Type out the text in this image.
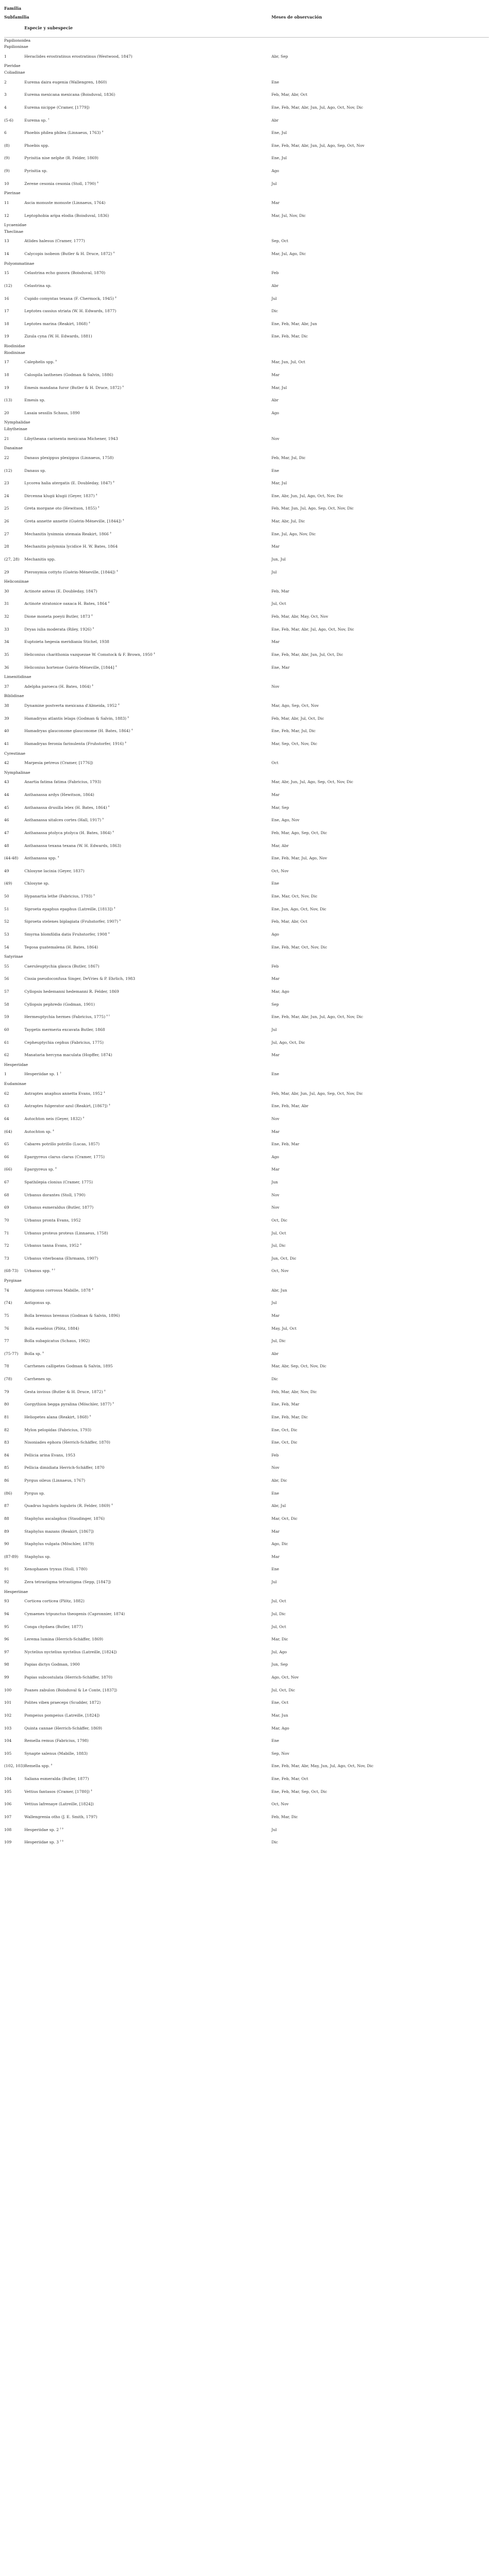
Familia		
Subfamilia		Meses de observación
	Especie y subespecie	
Papilionoidea		
Papilioninae		
1	Heraclides erostratinus erostratinus (Westwood, 1847)	Abr, Sep
Pieridae		
Coliadinae		
2	Eurema daira eugenia (Wallengren, 1860)	Ene
3	Eurema mexicana mexicana (Boisduval, 1836)	Feb, Mar, Abr, Oct
4	Eurema nicippe (Cramer, [1779])	Ene, Feb, Mar, Abr, Jun, Jul, Ago, Oct, Nov, Dic
(5-6)	Eurema sp. †	Abr
6	Phoebis philea philea (Linnaeus, 1763) ‡	Ene, Jul
(8)	Phoebis spp.	Ene, Feb, Mar, Abr, Jun, Jul, Ago, Sep, Oct, Nov
(9)	Pyrisitia nise nelphe (R. Felder, 1869)	Ene, Jul
(9)	Pyrisitia sp.	Ago
10	Zerene cesonia cesonia (Stoll, 1790) ‡	Jul
Pierinae		
11	Ascia monuste monuste (Linnaeus, 1764)	Mar
12	Leptophobia aripa elodia (Boisduval, 1836)	Mar, Jul, Nov, Dic
Lycaenidae		
Theclinae		
13	Atlides halesus (Cramer, 1777)	Sep, Oct
14	Calycopis isobeon (Butler & H. Druce, 1872) ‡	Mar, Jul, Ago, Dic
Polyommatinae		
15	Celastrina echo gozora (Boisduval, 1870)	Feb
(12)	Celastrina sp.	Abr
16	Cupido comyntas texana (F. Chermock, 1945) ‡	Jul
17	Leptotes cassius striata (W. H. Edwards, 1877)	Dic
18	Leptotes marina (Reakirt, 1868) ‡	Ene, Feb, Mar, Abr, Jun
19	Zizula cyna (W. H. Edwards, 1881)	Ene, Feb, Mar, Dic
Riodinidae		
Riodininae		
17	Calephelis spp. ‡	Mar, Jun, Jul, Oct
18	Calospila lasthenes (Godman & Salvin, 1886)	Mar
19	Emesis mandana furor (Butler & H. Druce, 1872) ‡	Mar, Jul
(13)	Emesis sp.	Abr
20	Lasaia sessilis Schaus, 1890	Ago
Nymphalidae		
Libytheinae		
21	Libytheana carinenta mexicana Michener, 1943	Nov
Danainae		
22	Danaus plexippus plexippus (Linnaeus, 1758)	Feb, Mar, Jul, Dic
(12)	Danaus sp.	Ene
23	Lycorea halia atergatis (E. Doubleday, 1847) ‡	Mar, Jul
24	Dircenna klugii klugii (Geyer, 1837) ‡	Ene, Abr, Jun, Jul, Ago, Oct, Nov, Dic
25	Greta morgane oto (Hewitson, 1855) ‡	Feb, Mar, Jun, Jul, Ago, Sep, Oct, Nov, Dic
26	Greta annette annette (Guérin-Méneville, [1844]) ‡	Mar, Abr, Jul, Dic
27	Mechanitis lysimnia utemaia Reakirt, 1866 ‡	Ene, Jul, Ago, Nov, Dic
28	Mechanitis polymnia lycidice H. W. Bates, 1864	Mar
(27, 28)	Mechanitis spp.	Jun, Jul
29	Pteronymia cottyto (Guérin-Méneville, [1844]) ‡	Jul
Heliconiinae		
30	Actinote anteas (E. Doubleday, 1847)	Feb, Mar
31	Actinote stratonice oaxaca H. Bates, 1864 ‡	Jul, Oct
32	Dione moneta poeyii Butler, 1873 ‡	Feb, Mar, Abr, May, Oct, Nov
33	Dryas iulia moderata (Riley, 1926) ‡	Ene, Feb, Mar, Abr, Jul, Ago, Oct, Nov, Dic
34	Euptoieta hegesia meridiania Stichel, 1938	Mar
35	Heliconius charithonia vazquezae W. Comstock & F. Brown, 1950 ‡	Ene, Feb, Mar, Abr, Jun, Jul, Oct, Dic
36	Heliconius hortense Guérin-Méneville, [1844] ‡	Ene, Mar
Limenitidinae		
37	Adelpha paroeca (H. Bates, 1864) ‡	Nov
Biblidinae		
38	Dynamine postverta mexicana d'Almeida, 1952 ‡	Mar, Ago, Sep, Oct, Nov
39	Hamadryas atlantis lelaps (Godman & Salvin, 1883) ‡	Feb, Mar, Abr, Jul, Oct, Dic
40	Hamadryas glauconome glauconome (H. Bates, 1864) ‡	Ene, Feb, Mar, Jul, Dic
41	Hamadryas feronia farinulenta (Fruhstorfer, 1916) ‡	Mar, Sep, Oct, Nov, Dic
Cyrestinae		
42	Marpesia petreus (Cramer, [1776])	Oct
Nymphalinae		
43	Anartia fatima fatima (Fabricius, 1793)	Mar, Abr, Jun, Jul, Ago, Sep, Oct, Nov, Dic
44	Anthanassa ardys (Hewitson, 1864)	Mar
45	Anthanassa drusilla lelex (H. Bates, 1864) ‡	Mar, Sep
46	Anthanassa sitalces cortes (Hall, 1917) ‡	Ene, Ago, Nov
47	Anthanassa ptolyca ptolyca (H. Bates, 1864) ‡	Feb, Mar, Ago, Sep, Oct, Dic
48	Anthanassa texana texana (W. H. Edwards, 1863)	Mar, Abr
(44-48)	Anthanassa spp. ‡	Ene, Feb, Mar, Jul, Ago, Nov
49	Chlosyne lacinia (Geyer, 1837)	Oct, Nov
(49)	Chlosyne sp.	Ene
50	Hypanartia lethe (Fabricius, 1793) ‡	Ene, Mar, Oct, Nov, Dic
51	Siproeta epaphus epaphus (Latreille, [1813]) ‡	Ene, Jun, Ago, Oct, Nov, Dic
52	Siproeta stelenes biplagiata (Fruhstorfer, 1907) ‡	Feb, Mar, Abr, Oct
53	Smyrna blomfildia datis Fruhstorfer, 1908 ‡	Ago
54	Tegosa guatemalena (H. Bates, 1864)	Ene, Feb, Mar, Oct, Nov, Dic
Satyrinae		
55	Caeruleuptychia glauca (Butler, 1867)	Feb
56	Cissia pseudoconfusa Singer, DeVries & P. Ehrlich, 1983	Mar
57	Cyllopsis hedemanni hedemanni R. Felder, 1869	Mar, Ago
58	Cyllopsis pephredo (Godman, 1901)	Sep
59	Hermeuptychia hermes (Fabricius, 1775) ‡ †	Ene, Feb, Mar, Abr, Jun, Jul, Ago, Oct, Nov, Dic
60	Taygetis mermeria excavata Butler, 1868	Jul
61	Cepheuptychia cephus (Fabricius, 1775)	Jul, Ago, Oct, Dic
62	Manataria hercyna maculata (Hopffer, 1874)	Mar
Hesperiidae		
1	Hesperiidae sp. 1 †	Ene
Eudaminae		
62	Astraptes anaphus annetta Evans, 1952 ‡	Feb, Mar, Abr, Jun, Jul, Ago, Sep, Oct, Nov, Dic
63	Astraptes fulgerator azul (Reakirt, [1867]) ‡	Ene, Feb, Mar, Abr
64	Autochton neis (Geyer, 1832) ‡	Nov
(64)	Autochton sp. ‡	Mar
65	Cabares potrillo potrillo (Lucas, 1857)	Ene, Feb, Mar
66	Epargyreus clarus clarus (Cramer, 1775)	Ago
(66)	Epargyreus sp. ‡	Mar
67	Spathilepia clonius (Cramer, 1775)	Jun
68	Urbanus dorantes (Stoll, 1790)	Nov
69	Urbanus esmeraldus (Butler, 1877)	Nov
70	Urbanus pronta Evans, 1952	Oct, Dic
71	Urbanus proteus proteus (Linnaeus, 1758)	Jul, Oct
72	Urbanus tanna Evans, 1952 ‡	Jul, Dic
73	Urbanus viterboana (Ehrmann, 1907)	Jun, Oct, Dic
(68-73)	Urbanus spp. ‡ †	Oct, Nov
Pyrginae		
74	Antigonus corrosus Mabille, 1878 ‡	Abr, Jun
(74)	Antigonus sp.	Jul
75	Bolla brennus brennus (Godman & Salvin, 1896)	Mar
76	Bolla eusebius (Plötz, 1884)	May, Jul, Oct
77	Bolla subapicatus (Schaus, 1902)	Jul, Dic
(75-77)	Bolla sp. ‡	Abr
78	Carrhenes callipetes Godman & Salvin, 1895	Mar, Abr, Sep, Oct, Nov, Dic
(78)	Carrhenes sp.	Dic
79	Gesta invisus (Butler & H. Druce, 1872) ‡	Feb, Mar, Abr, Nov, Dic
80	Gorgythion begga pyralina (Möschler, 1877) ‡	Ene, Feb, Mar
81	Heliopetes alana (Reakirt, 1868) ‡	Ene, Feb, Mar, Dic
82	Mylon pelopidas (Fabricius, 1793)	Ene, Oct, Dic
83	Nisoniades ephora (Herrich-Schäffer, 1870)	Ene, Oct, Dic
84	Pellicia arina Evans, 1953	Feb
85	Pellicia dimidiata Herrich-Schäffer, 1870	Nov
86	Pyrgus oileus (Linnaeus, 1767)	Abr, Dic
(86)	Pyrgus sp.	Ene
87	Quadrus lugubris lugubris (R. Felder, 1869) ‡	Abr, Jul
88	Staphylus ascalaphus (Staudinger, 1876)	Mar, Oct, Dic
89	Staphylus mazans (Reakirt, [1867])	Mar
90	Staphylus vulgata (Möschler, 1879)	Ago, Dic
(87-89)	Staphylus sp.	Mar
91	Xenophanes tryxus (Stoll, 1780)	Ene
92	Zera tetrastigma tetrastigma (Sepp, [1847])	Jul
Hesperiinae		
93	Corticea corticea (Plötz, 1882)	Jul, Oct
94	Cymaenes tripunctus theogenis (Capronnier, 1874)	Jul, Dic
95	Conga chydaea (Butler, 1877)	Jul, Oct
96	Lerema lumina (Herrich-Schäffer, 1869)	Mar, Dic
97	Nyctelius nyctelius nyctelius (Latreille, [1824])	Jul, Ago
98	Papias dictys Godman, 1900	Jun, Sep
99	Papias subcostulata (Herrich-Schäffer, 1870)	Ago, Oct, Nov
100	Poanes zabulon (Boisduval & Le Conte, [1837])	Jul, Oct, Dic
101	Polites vibex praeceps (Scudder, 1872)	Ene, Oct
102	Pompeius pompeius (Latreille, [1824])	Mar, Jun
103	Quinta cannae (Herrich-Schäffer, 1869)	Mar, Ago
104	Remella remus (Fabricius, 1798)	Ene
105	Synapte salenus (Mabille, 1883)	Sep, Nov
(102, 103)	Remella spp. ‡	Ene, Feb, Mar, Abr, May, Jun, Jul, Ago, Oct, Nov, Dic
104	Saliana esmeralda (Butler, 1877)	Ene, Feb, Mar, Oct
105	Vettius fantasos (Cramer, [1780]) ‡	Ene, Feb, Mar, Sep, Oct, Dic
106	Vettius lafrenaye (Latreille, [1824])	Oct, Nov
107	Wallengrenia otho (J. E. Smith, 1797)	Feb, Mar, Dic
108	Hesperiidae sp. 2 † ‡	Jul
109	Hesperiidae sp. 3 † ‡	Dic
